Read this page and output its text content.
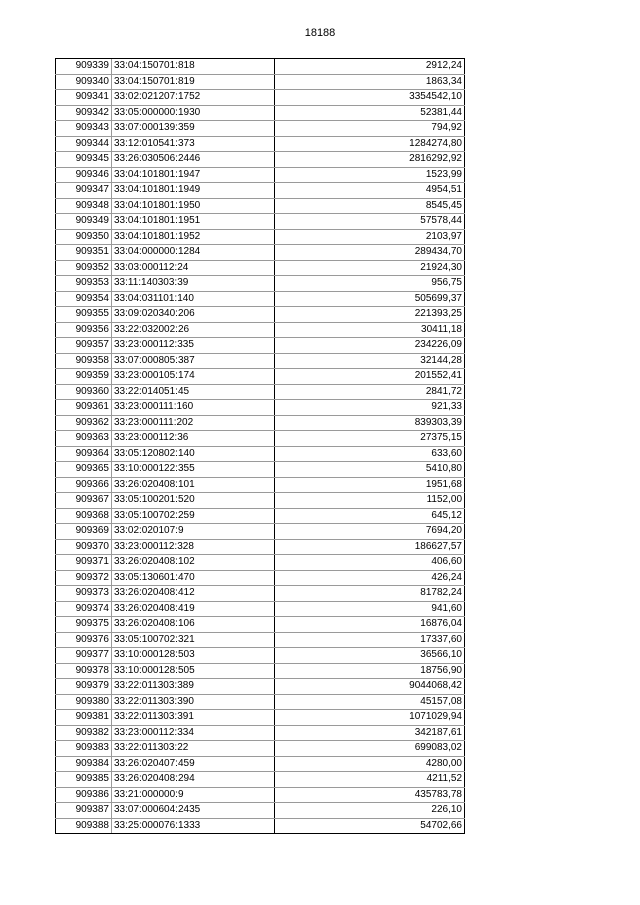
18188
909339	33:04:150701:818	2912,24
909340	33:04:150701:819	1863,34
909341	33:02:021207:1752	3354542,10
909342	33:05:000000:1930	52381,44
909343	33:07:000139:359	794,92
909344	33:12:010541:373	1284274,80
909345	33:26:030506:2446	2816292,92
909346	33:04:101801:1947	1523,99
909347	33:04:101801:1949	4954,51
909348	33:04:101801:1950	8545,45
909349	33:04:101801:1951	57578,44
909350	33:04:101801:1952	2103,97
909351	33:04:000000:1284	289434,70
909352	33:03:000112:24	21924,30
909353	33:11:140303:39	956,75
909354	33:04:031101:140	505699,37
909355	33:09:020340:206	221393,25
909356	33:22:032002:26	30411,18
909357	33:23:000112:335	234226,09
909358	33:07:000805:387	32144,28
909359	33:23:000105:174	201552,41
909360	33:22:014051:45	2841,72
909361	33:23:000111:160	921,33
909362	33:23:000111:202	839303,39
909363	33:23:000112:36	27375,15
909364	33:05:120802:140	633,60
909365	33:10:000122:355	5410,80
909366	33:26:020408:101	1951,68
909367	33:05:100201:520	1152,00
909368	33:05:100702:259	645,12
909369	33:02:020107:9	7694,20
909370	33:23:000112:328	186627,57
909371	33:26:020408:102	406,60
909372	33:05:130601:470	426,24
909373	33:26:020408:412	81782,24
909374	33:26:020408:419	941,60
909375	33:26:020408:106	16876,04
909376	33:05:100702:321	17337,60
909377	33:10:000128:503	36566,10
909378	33:10:000128:505	18756,90
909379	33:22:011303:389	9044068,42
909380	33:22:011303:390	45157,08
909381	33:22:011303:391	1071029,94
909382	33:23:000112:334	342187,61
909383	33:22:011303:22	699083,02
909384	33:26:020407:459	4280,00
909385	33:26:020408:294	4211,52
909386	33:21:000000:9	435783,78
909387	33:07:000604:2435	226,10
909388	33:25:000076:1333	54702,66
